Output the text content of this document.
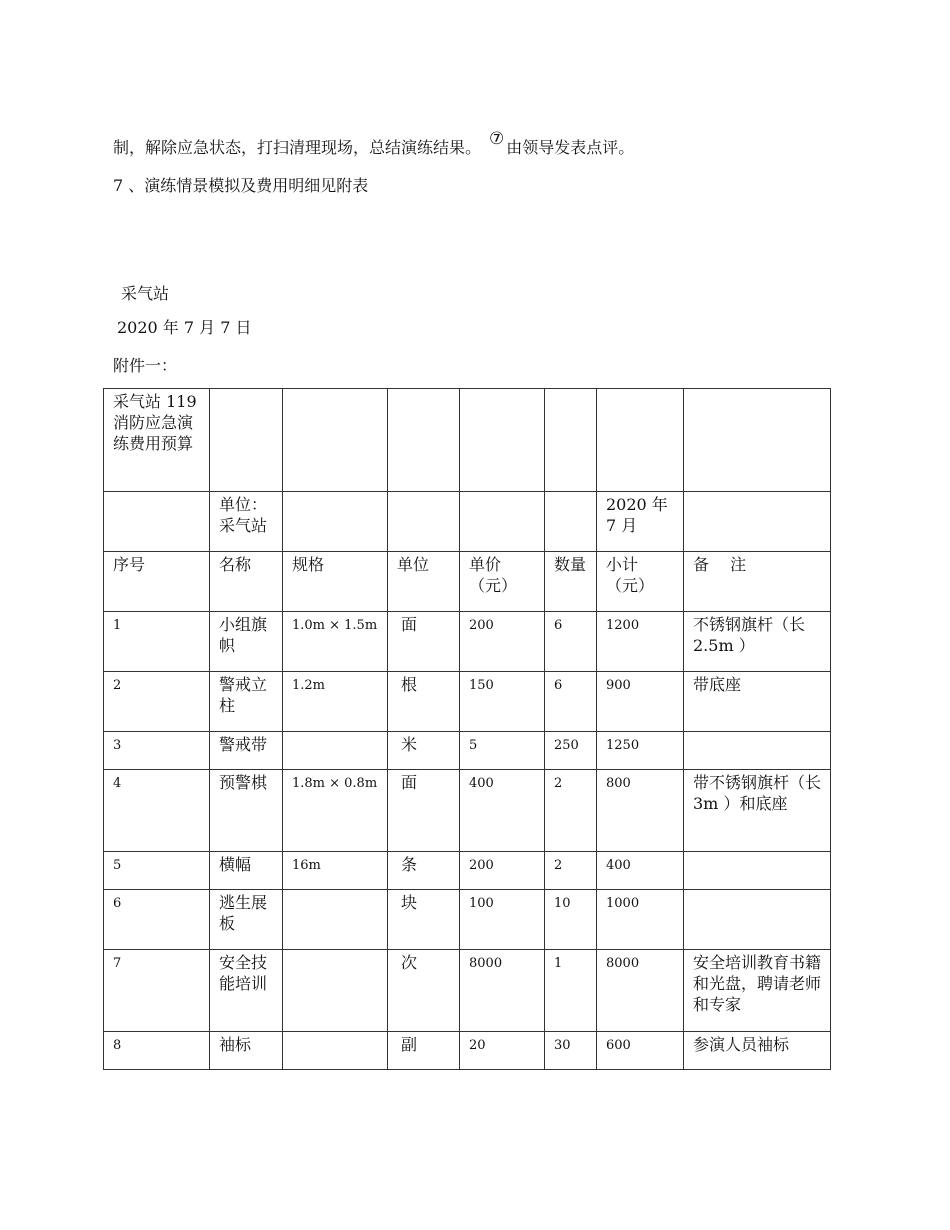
制，解除应急状态，打扫清理现场，总结演练结果。 ⑦ 由领导发表点评。
7 、演练情景模拟及费用明细见附表
采气站
2020 年 7 月 7 日
附件一：
采气站 119 消防应急演练费用预算							
	单位：采气站					2020 年 7 月	
序号	名称	规格	单位	单价（元）	数量	小计（元）	备 注
1	小组旗帜	1.0m × 1.5m	面	200	6	1200	不锈钢旗杆（长 2.5m ）
2	警戒立柱	1.2m	根	150	6	900	带底座
3	警戒带		米	5	250	1250	
4	预警棋	1.8m × 0.8m	面	400	2	800	带不锈钢旗杆（长 3m ）和底座
5	横幅	16m	条	200	2	400	
6	逃生展板		块	100	10	1000	
7	安全技能培训		次	8000	1	8000	安全培训教育书籍和光盘，聘请老师和专家
8	袖标		副	20	30	600	参演人员袖标
